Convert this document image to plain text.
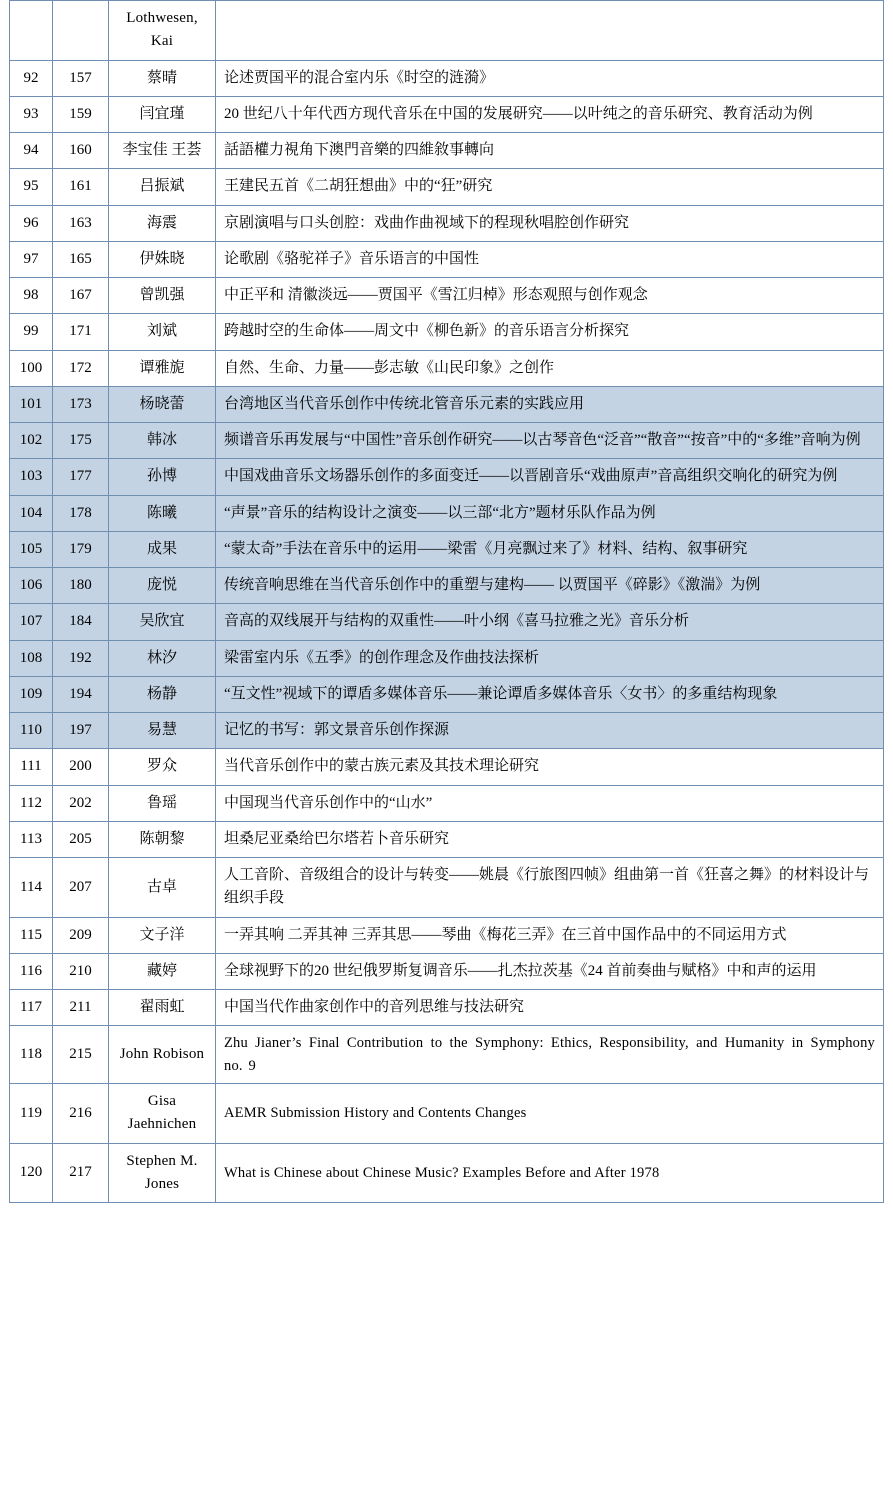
		Lothwesen, Kai	
92	157	蔡晴	论述贾国平的混合室内乐《时空的涟漪》
93	159	闫宜瑾	20 世纪八十年代西方现代音乐在中国的发展研究——以叶纯之的音乐研究、教育活动为例
94	160	李宝佳 王荟	話語權力視角下澳門音樂的四維敘事轉向
95	161	吕振斌	王建民五首《二胡狂想曲》中的“狂”研究
96	163	海震	京剧演唱与口头创腔：戏曲作曲视域下的程现秋唱腔创作研究
97	165	伊姝晓	论歌剧《骆驼祥子》音乐语言的中国性
98	167	曾凯强	中正平和 清徽淡远——贾国平《雪江归棹》形态观照与创作观念
99	171	刘斌	跨越时空的生命体——周文中《柳色新》的音乐语言分析探究
100	172	谭雅旎	自然、生命、力量——彭志敏《山民印象》之创作
101	173	杨晓蕾	台湾地区当代音乐创作中传统北管音乐元素的实践应用
102	175	韩冰	频谱音乐再发展与“中国性”音乐创作研究——以古琴音色“泛音”“散音”“按音”中的“多维”音响为例
103	177	孙博	中国戏曲音乐文场器乐创作的多面变迁——以晋剧音乐“戏曲原声”音高组织交响化的研究为例
104	178	陈曦	“声景”音乐的结构设计之演变——以三部“北方”题材乐队作品为例
105	179	成果	“蒙太奇”手法在音乐中的运用——梁雷《月亮飘过来了》材料、结构、叙事研究
106	180	庞悦	传统音响思维在当代音乐创作中的重塑与建构—— 以贾国平《碎影》《激湍》为例
107	184	吴欣宜	音高的双线展开与结构的双重性——叶小纲《喜马拉雅之光》音乐分析
108	192	林汐	梁雷室内乐《五季》的创作理念及作曲技法探析
109	194	杨静	“互文性”视域下的谭盾多媒体音乐——兼论谭盾多媒体音乐〈女书〉的多重结构现象
110	197	易慧	记忆的书写：郭文景音乐创作探源
111	200	罗众	当代音乐创作中的蒙古族元素及其技术理论研究
112	202	鲁瑶	中国现当代音乐创作中的“山水”
113	205	陈朝黎	坦桑尼亚桑给巴尔塔若卜音乐研究
114	207	古卓	人工音阶、音级组合的设计与转变——姚晨《行旅图四帧》组曲第一首《狂喜之舞》的材料设计与组织手段
115	209	文子洋	一弄其响 二弄其神 三弄其思——琴曲《梅花三弄》在三首中国作品中的不同运用方式
116	210	藏婷	全球视野下的20 世纪俄罗斯复调音乐——扎杰拉茨基《24 首前奏曲与赋格》中和声的运用
117	211	翟雨虹	中国当代作曲家创作中的音列思维与技法研究
118	215	John Robison	Zhu Jianer’s Final Contribution to the Symphony: Ethics, Responsibility, and Humanity in Symphony no. 9
119	216	Gisa Jaehnichen	AEMR Submission History and Contents Changes
120	217	Stephen M. Jones	What is Chinese about Chinese Music? Examples Before and After 1978
